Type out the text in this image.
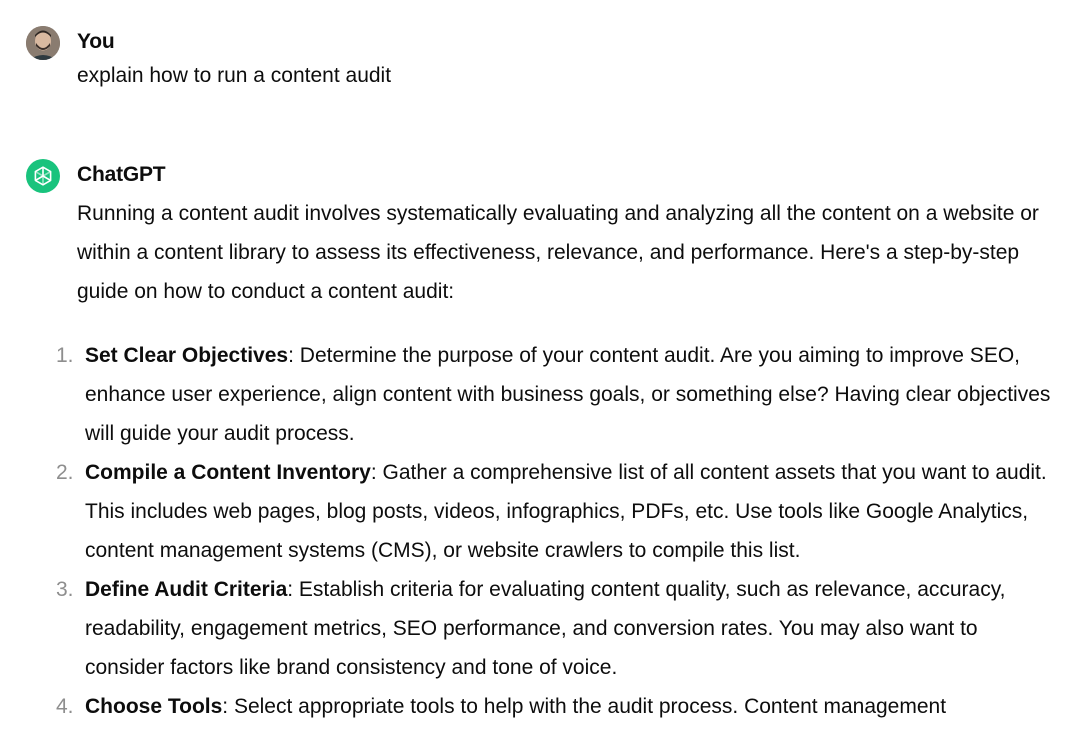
You
explain how to run a content audit
ChatGPT

Running a content audit involves systematically evaluating and analyzing all the content on a website or within a content library to assess its effectiveness, relevance, and performance. Here's a step-by-step guide on how to conduct a content audit:

1. Set Clear Objectives: Determine the purpose of your content audit. Are you aiming to improve SEO, enhance user experience, align content with business goals, or something else? Having clear objectives will guide your audit process.
2. Compile a Content Inventory: Gather a comprehensive list of all content assets that you want to audit. This includes web pages, blog posts, videos, infographics, PDFs, etc. Use tools like Google Analytics, content management systems (CMS), or website crawlers to compile this list.
3. Define Audit Criteria: Establish criteria for evaluating content quality, such as relevance, accuracy, readability, engagement metrics, SEO performance, and conversion rates. You may also want to consider factors like brand consistency and tone of voice.
4. Choose Tools: Select appropriate tools to help with the audit process. Content management
